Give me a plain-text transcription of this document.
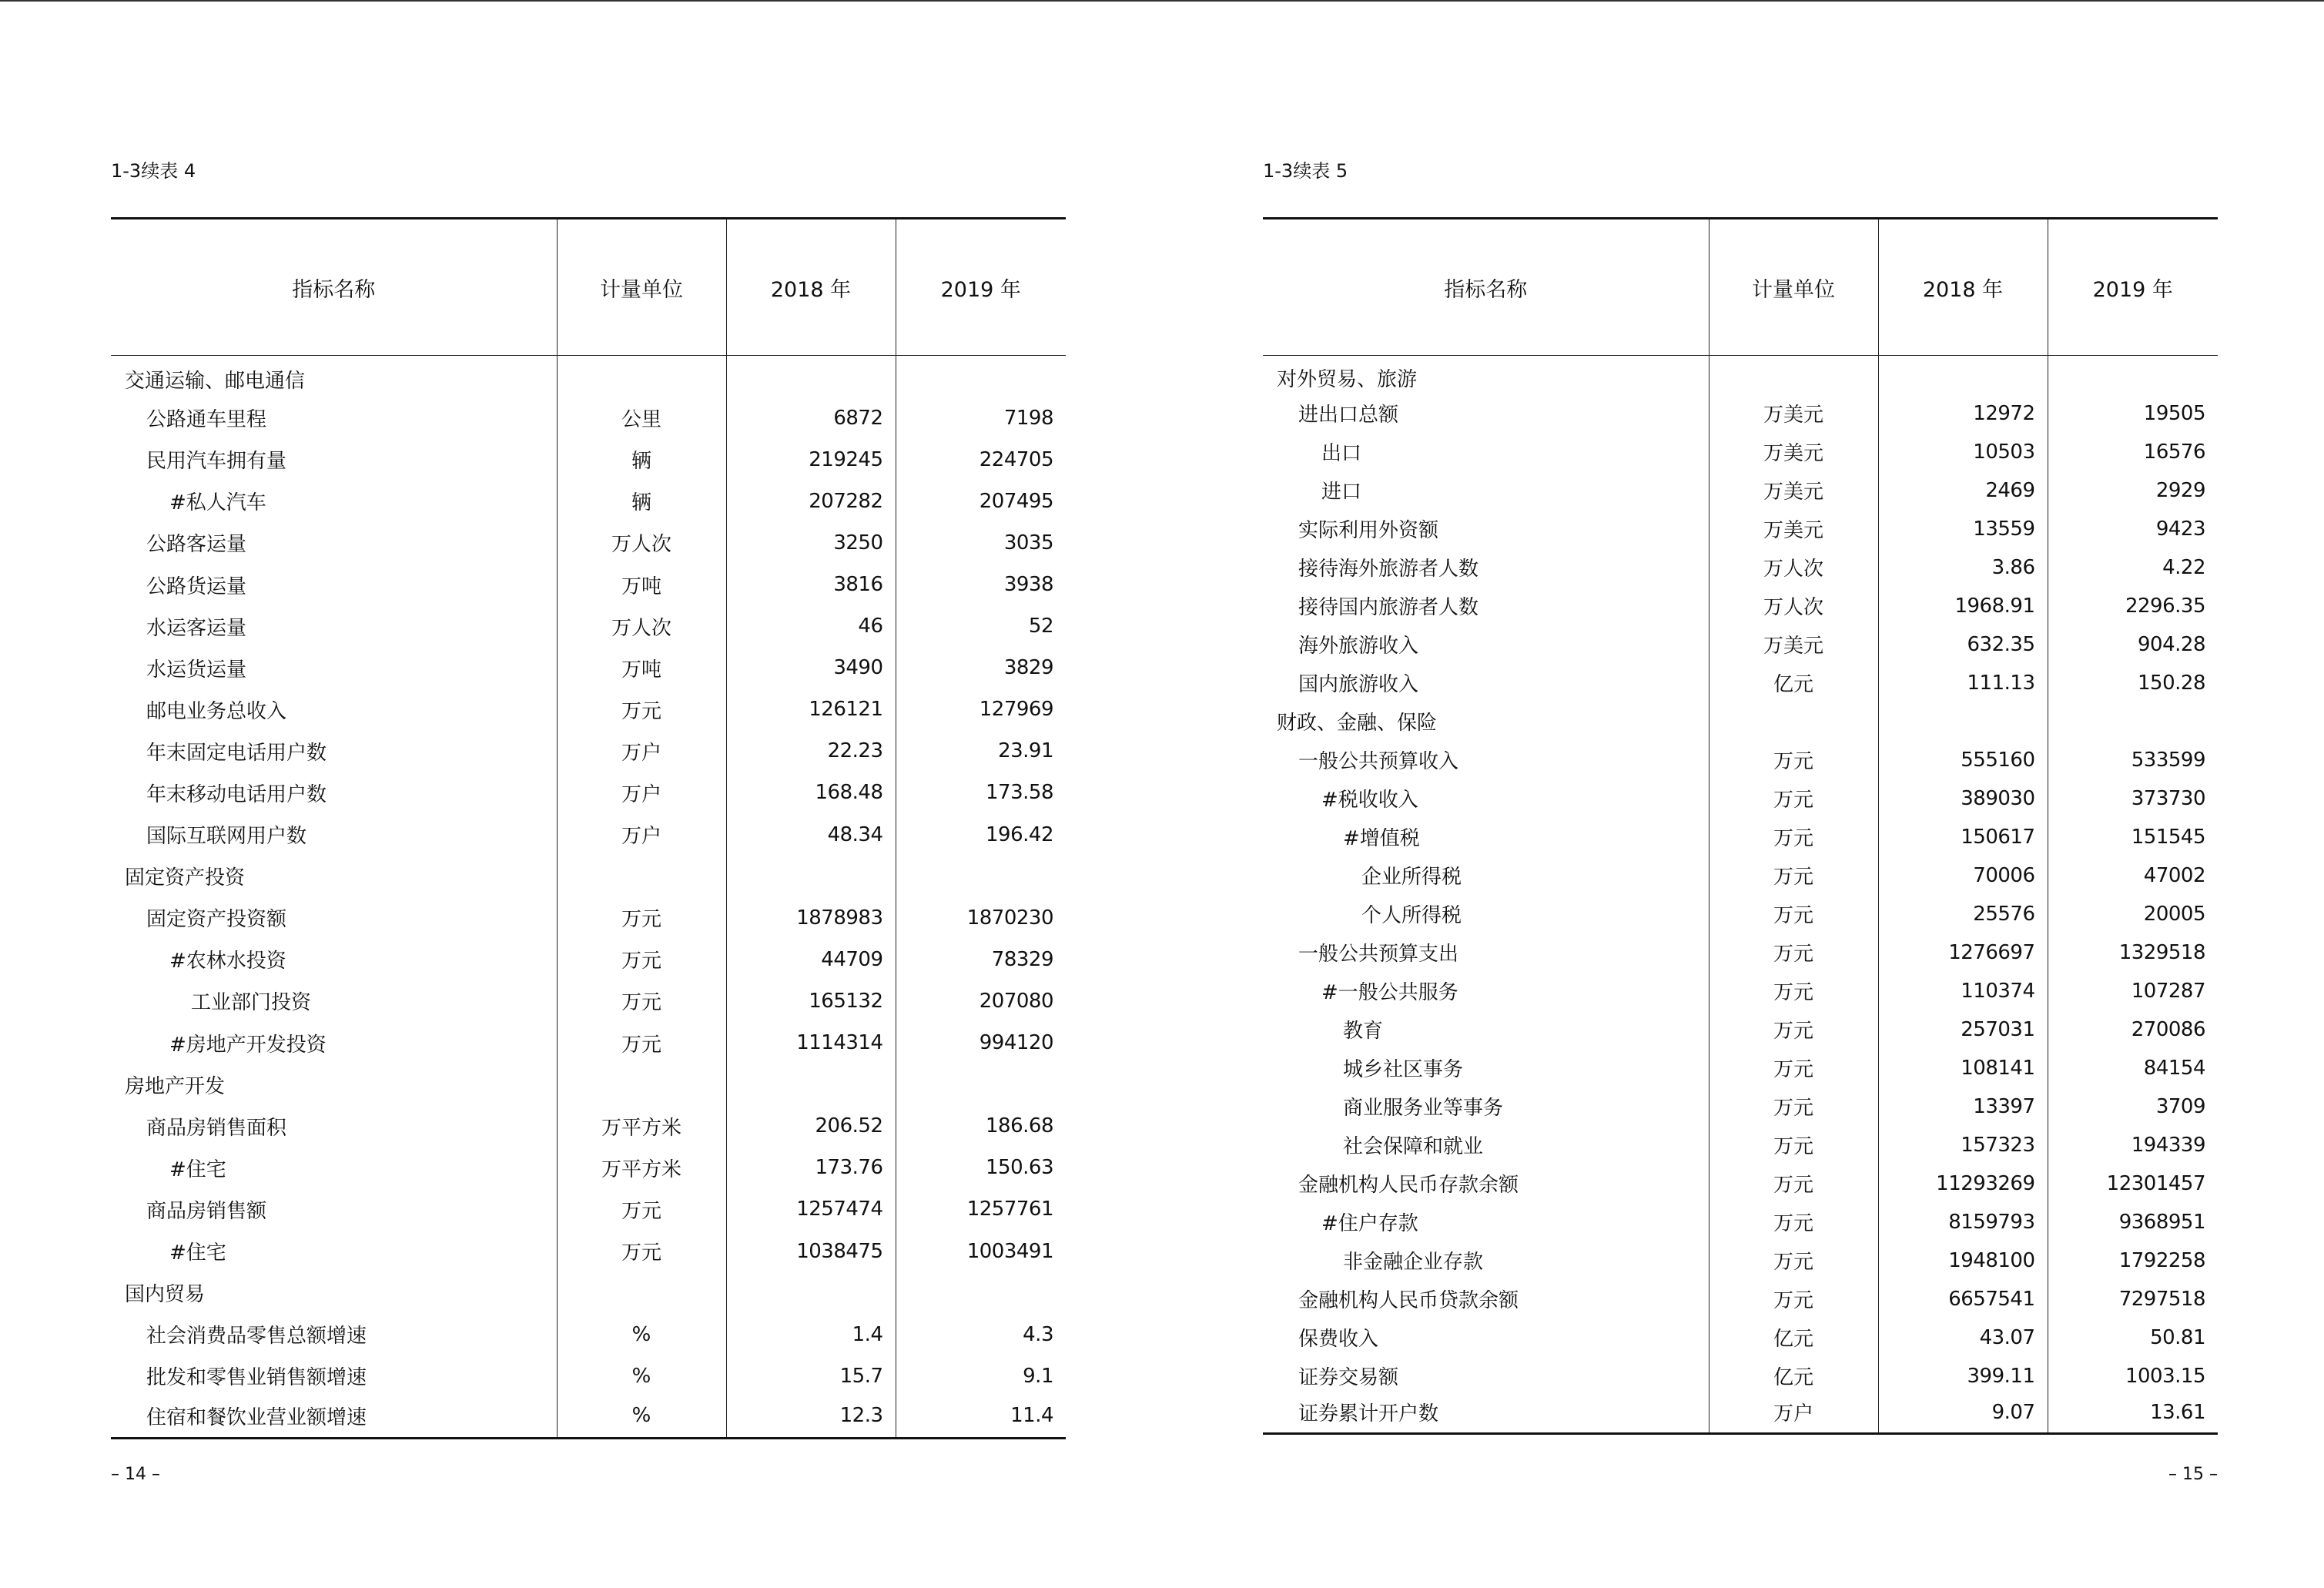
1-3续表 4
指标名称	计量单位	2018 年	2019 年
交通运输、邮电通信			
公路通车里程	公里	6872	7198
民用汽车拥有量	辆	219245	224705
#私人汽车	辆	207282	207495
公路客运量	万人次	3250	3035
公路货运量	万吨	3816	3938
水运客运量	万人次	46	52
水运货运量	万吨	3490	3829
邮电业务总收入	万元	126121	127969
年末固定电话用户数	万户	22.23	23.91
年末移动电话用户数	万户	168.48	173.58
国际互联网用户数	万户	48.34	196.42
固定资产投资			
固定资产投资额	万元	1878983	1870230
#农林水投资	万元	44709	78329
工业部门投资	万元	165132	207080
#房地产开发投资	万元	1114314	994120
房地产开发			
商品房销售面积	万平方米	206.52	186.68
#住宅	万平方米	173.76	150.63
商品房销售额	万元	1257474	1257761
#住宅	万元	1038475	1003491
国内贸易			
社会消费品零售总额增速	%	1.4	4.3
批发和零售业销售额增速	%	15.7	9.1
住宿和餐饮业营业额增速	%	12.3	11.4
– 14 –
1-3续表 5
指标名称	计量单位	2018 年	2019 年
对外贸易、旅游			
进出口总额	万美元	12972	19505
出口	万美元	10503	16576
进口	万美元	2469	2929
实际利用外资额	万美元	13559	9423
接待海外旅游者人数	万人次	3.86	4.22
接待国内旅游者人数	万人次	1968.91	2296.35
海外旅游收入	万美元	632.35	904.28
国内旅游收入	亿元	111.13	150.28
财政、金融、保险			
一般公共预算收入	万元	555160	533599
#税收收入	万元	389030	373730
#增值税	万元	150617	151545
企业所得税	万元	70006	47002
个人所得税	万元	25576	20005
一般公共预算支出	万元	1276697	1329518
#一般公共服务	万元	110374	107287
教育	万元	257031	270086
城乡社区事务	万元	108141	84154
商业服务业等事务	万元	13397	3709
社会保障和就业	万元	157323	194339
金融机构人民币存款余额	万元	11293269	12301457
#住户存款	万元	8159793	9368951
非金融企业存款	万元	1948100	1792258
金融机构人民币贷款余额	万元	6657541	7297518
保费收入	亿元	43.07	50.81
证券交易额	亿元	399.11	1003.15
证券累计开户数	万户	9.07	13.61
– 15 –
